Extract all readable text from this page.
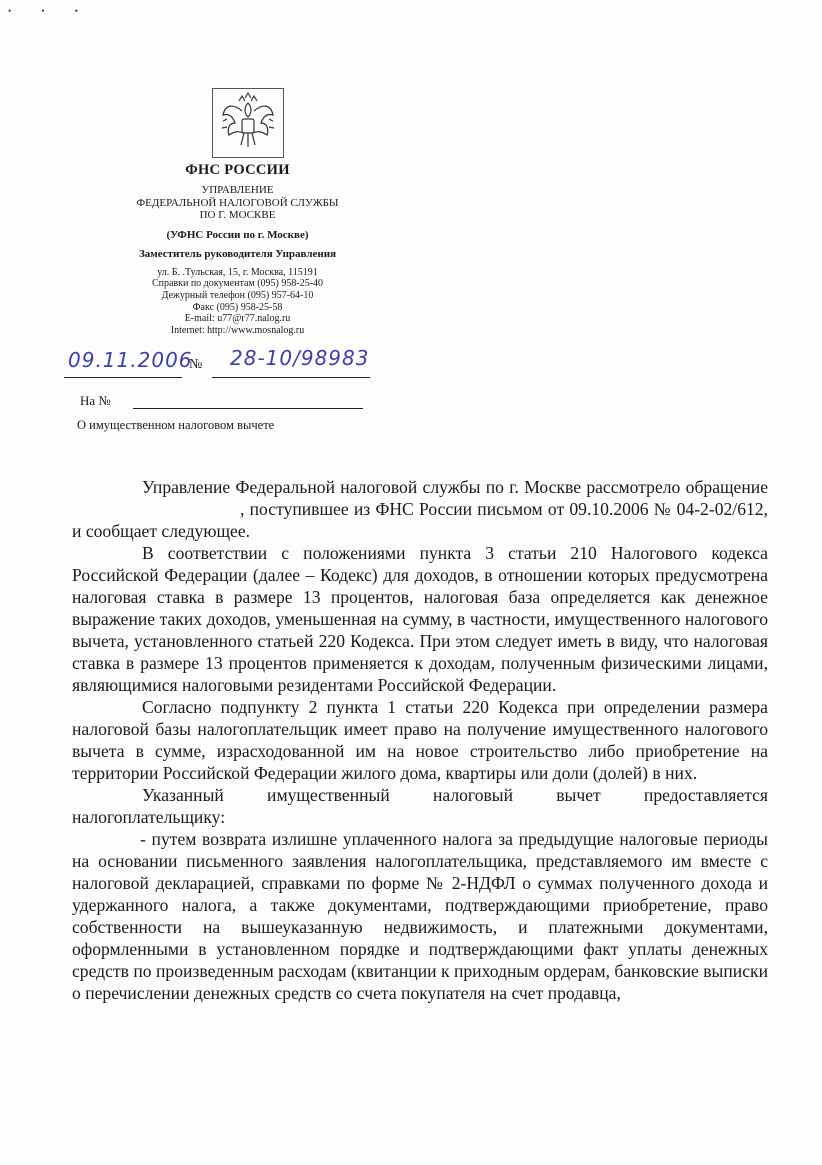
• • •
ФНС РОССИИ
УПРАВЛЕНИЕ
ФЕДЕРАЛЬНОЙ НАЛОГОВОЙ СЛУЖБЫ
ПО Г. МОСКВЕ
(УФНС России по г. Москве)
Заместитель руководителя Управления
ул. Б. .Тульская, 15, г. Москва, 115191
Справки по документам (095) 958-25-40
Дежурный телефон (095) 957-64-10
Факс (095) 958-25-58
E-mail: u77@r77.nalog.ru
Internet: http://www.mosnalog.ru
09.11.2006
№ 28-10/98983
На №
О имущественном налоговом вычете

Управление Федеральной налоговой службы по г. Москве рассмотрело обращение, поступившее из ФНС России письмом от 09.10.2006 № 04-2-02/612, и сообщает следующее.

В соответствии с положениями пункта 3 статьи 210 Налогового кодекса Российской Федерации (далее – Кодекс) для доходов, в отношении которых предусмотрена налоговая ставка в размере 13 процентов, налоговая база определяется как денежное выражение таких доходов, уменьшенная на сумму, в частности, имущественного налогового вычета, установленного статьей 220 Кодекса. При этом следует иметь в виду, что налоговая ставка в размере 13 процентов применяется к доходам, полученным физическими лицами, являющимися налоговыми резидентами Российской Федерации.

Согласно подпункту 2 пункта 1 статьи 220 Кодекса при определении размера налоговой базы налогоплательщик имеет право на получение имущественного налогового вычета в сумме, израсходованной им на новое строительство либо приобретение на территории Российской Федерации жилого дома, квартиры или доли (долей) в них.

Указанный имущественный налоговый вычет предоставляется налогоплательщику:

- путем возврата излишне уплаченного налога за предыдущие налоговые периоды на основании письменного заявления налогоплательщика, представляемого им вместе с налоговой декларацией, справками по форме № 2-НДФЛ о суммах полученного дохода и удержанного налога, а также документами, подтверждающими приобретение, право собственности на вышеуказанную недвижимость, и платежными документами, оформленными в установленном порядке и подтверждающими факт уплаты денежных средств по произведенным расходам (квитанции к приходным ордерам, банковские выписки о перечислении денежных средств со счета покупателя на счет продавца,
